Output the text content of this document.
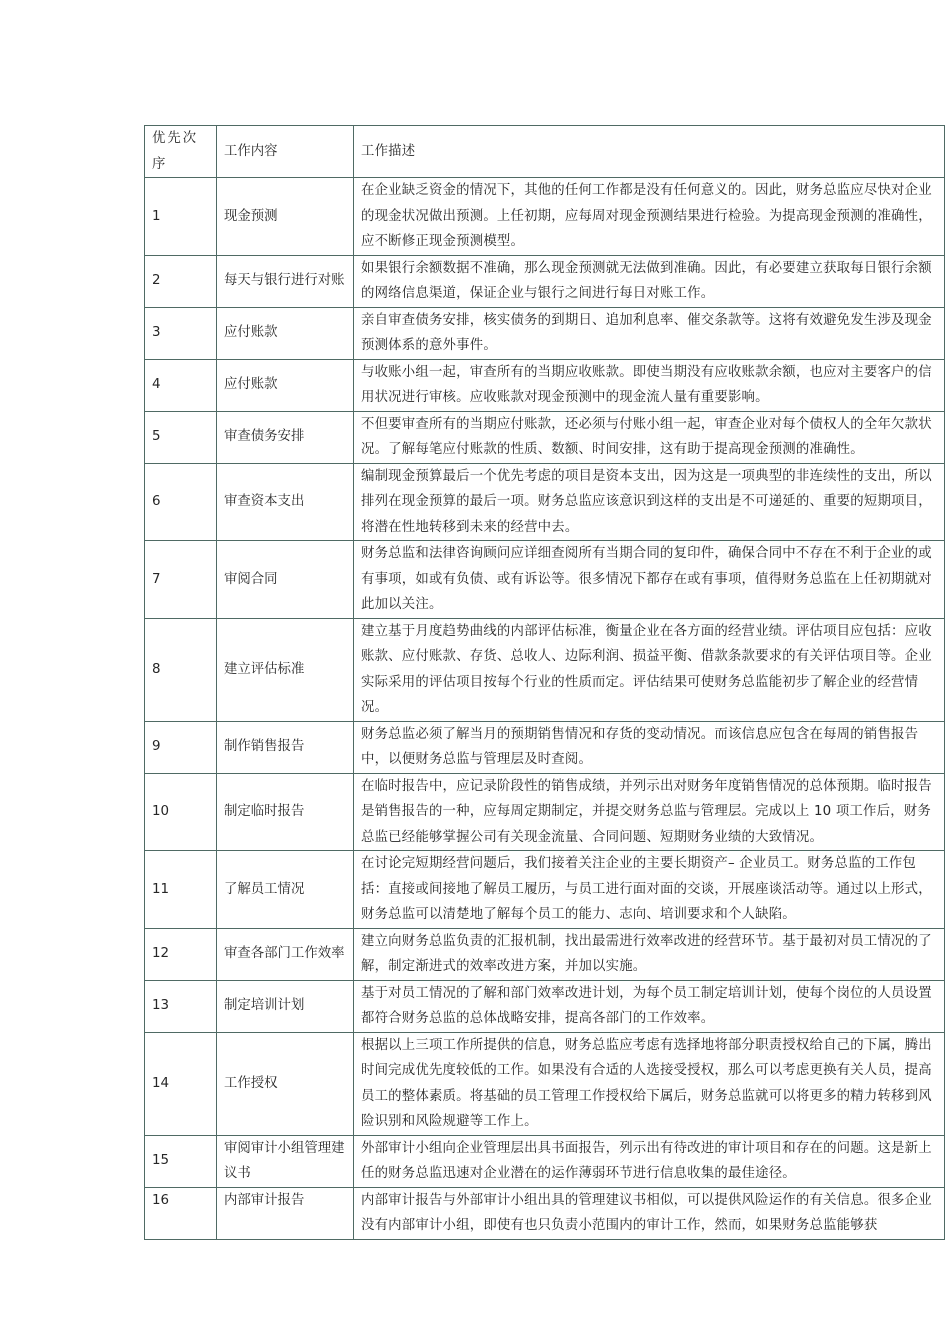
优先次序	工作内容	工作描述
1	现金预测	在企业缺乏资金的情况下，其他的任何工作都是没有任何意义的。因此，财务总监应尽快对企业的现金状况做出预测。上任初期，应每周对现金预测结果进行检验。为提高现金预测的准确性，应不断修正现金预测模型。
2	每天与银行进行对账	如果银行余额数据不准确，那么现金预测就无法做到准确。因此，有必要建立获取每日银行余额的网络信息渠道，保证企业与银行之间进行每日对账工作。
3	应付账款	亲自审查债务安排，核实债务的到期日、追加利息率、催交条款等。这将有效避免发生涉及现金预测体系的意外事件。
4	应付账款	与收账小组一起，审查所有的当期应收账款。即使当期没有应收账款余额，也应对主要客户的信用状况进行审核。应收账款对现金预测中的现金流人量有重要影响。
5	审查债务安排	不但要审查所有的当期应付账款，还必须与付账小组一起，审查企业对每个债权人的全年欠款状况。了解每笔应付账款的性质、数额、时间安排，这有助于提高现金预测的准确性。
6	审查资本支出	编制现金预算最后一个优先考虑的项目是资本支出，因为这是一项典型的非连续性的支出，所以排列在现金预算的最后一项。财务总监应该意识到这样的支出是不可递延的、重要的短期项目，将潜在性地转移到未来的经营中去。
7	审阅合同	财务总监和法律咨询顾问应详细查阅所有当期合同的复印件，确保合同中不存在不利于企业的或有事项，如或有负债、或有诉讼等。很多情况下都存在或有事项，值得财务总监在上任初期就对此加以关注。
8	建立评估标准	建立基于月度趋势曲线的内部评估标准，衡量企业在各方面的经营业绩。评估项目应包括：应收账款、应付账款、存货、总收人、边际利润、损益平衡、借款条款要求的有关评估项目等。企业实际采用的评估项目按每个行业的性质而定。评估结果可使财务总监能初步了解企业的经营情况。
9	制作销售报告	财务总监必须了解当月的预期销售情况和存货的变动情况。而该信息应包含在每周的销售报告中，以便财务总监与管理层及时查阅。
10	制定临时报告	在临时报告中，应记录阶段性的销售成绩，并列示出对财务年度销售情况的总体预期。临时报告是销售报告的一种，应每周定期制定，并提交财务总监与管理层。完成以上 10 项工作后，财务总监已经能够掌握公司有关现金流量、合同问题、短期财务业绩的大致情况。
11	了解员工情况	在讨论完短期经营问题后，我们接着关注企业的主要长期资产– 企业员工。财务总监的工作包括：直接或间接地了解员工履历，与员工进行面对面的交谈，开展座谈活动等。通过以上形式，财务总监可以清楚地了解每个员工的能力、志向、培训要求和个人缺陷。
12	审查各部门工作效率	建立向财务总监负责的汇报机制，找出最需进行效率改进的经营环节。基于最初对员工情况的了解，制定渐进式的效率改进方案，并加以实施。
13	制定培训计划	基于对员工情况的了解和部门效率改进计划，为每个员工制定培训计划，使每个岗位的人员设置都符合财务总监的总体战略安排，提高各部门的工作效率。
14	工作授权	根据以上三项工作所提供的信息，财务总监应考虑有选择地将部分职责授权给自己的下属，腾出时间完成优先度较低的工作。如果没有合适的人选接受授权，那么可以考虑更换有关人员，提高员工的整体素质。将基础的员工管理工作授权给下属后，财务总监就可以将更多的精力转移到风险识别和风险规避等工作上。
15	审阅审计小组管理建议书	外部审计小组向企业管理层出具书面报告，列示出有待改进的审计项目和存在的问题。这是新上任的财务总监迅速对企业潜在的运作薄弱环节进行信息收集的最佳途径。
16	内部审计报告	内部审计报告与外部审计小组出具的管理建议书相似，可以提供风险运作的有关信息。很多企业没有内部审计小组，即使有也只负责小范围内的审计工作，然而，如果财务总监能够获
